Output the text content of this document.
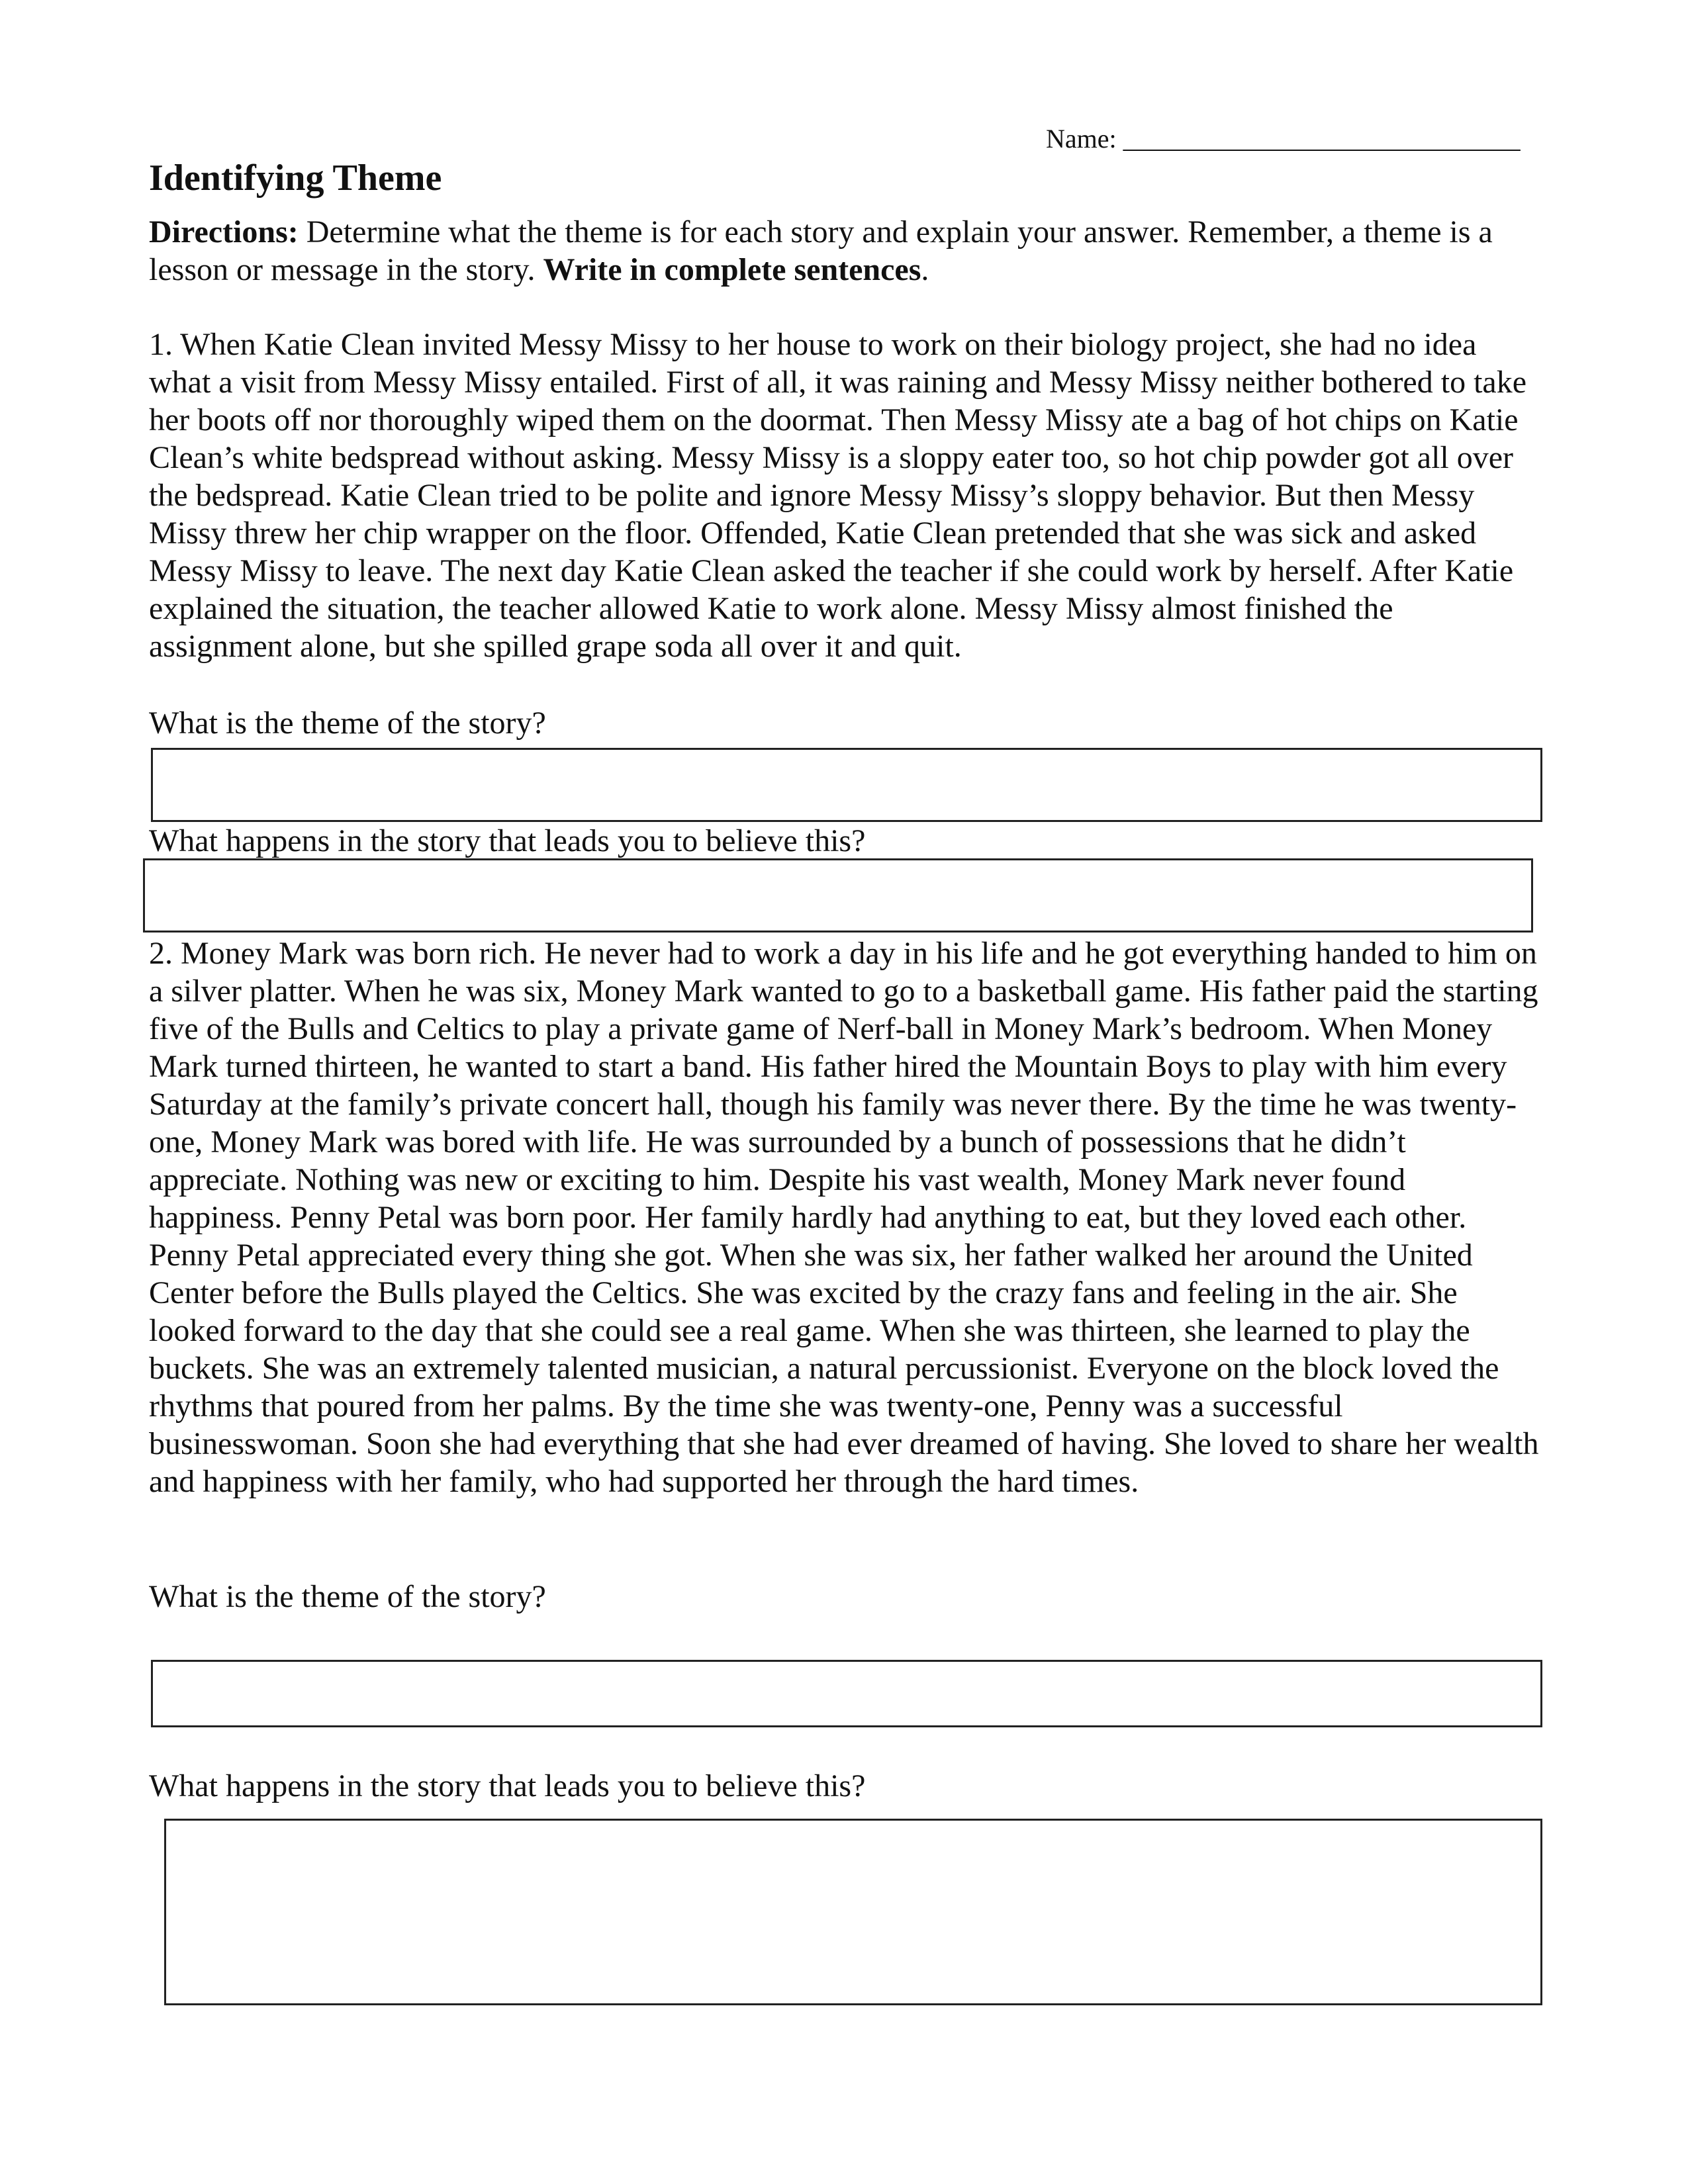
Name: ______________________________
Identifying Theme

Directions: Determine what the theme is for each story and explain your answer. Remember, a theme is a lesson or message in the story. Write in complete sentences.

1. When Katie Clean invited Messy Missy to her house to work on their biology project, she had no idea what a visit from Messy Missy entailed. First of all, it was raining and Messy Missy neither bothered to take her boots off nor thoroughly wiped them on the doormat. Then Messy Missy ate a bag of hot chips on Katie Clean’s white bedspread without asking. Messy Missy is a sloppy eater too, so hot chip powder got all over the bedspread. Katie Clean tried to be polite and ignore Messy Missy’s sloppy behavior. But then Messy Missy threw her chip wrapper on the floor. Offended, Katie Clean pretended that she was sick and asked Messy Missy to leave. The next day Katie Clean asked the teacher if she could work by herself. After Katie explained the situation, the teacher allowed Katie to work alone. Messy Missy almost finished the assignment alone, but she spilled grape soda all over it and quit.

What is the theme of the story?

What happens in the story that leads you to believe this?

2. Money Mark was born rich. He never had to work a day in his life and he got everything handed to him on a silver platter. When he was six, Money Mark wanted to go to a basketball game. His father paid the starting five of the Bulls and Celtics to play a private game of Nerf-ball in Money Mark’s bedroom. When Money Mark turned thirteen, he wanted to start a band. His father hired the Mountain Boys to play with him every Saturday at the family’s private concert hall, though his family was never there. By the time he was twenty-one, Money Mark was bored with life. He was surrounded by a bunch of possessions that he didn’t appreciate. Nothing was new or exciting to him. Despite his vast wealth, Money Mark never found happiness. Penny Petal was born poor. Her family hardly had anything to eat, but they loved each other. Penny Petal appreciated every thing she got. When she was six, her father walked her around the United Center before the Bulls played the Celtics. She was excited by the crazy fans and feeling in the air. She looked forward to the day that she could see a real game. When she was thirteen, she learned to play the buckets. She was an extremely talented musician, a natural percussionist. Everyone on the block loved the rhythms that poured from her palms. By the time she was twenty-one, Penny was a successful businesswoman. Soon she had everything that she had ever dreamed of having. She loved to share her wealth and happiness with her family, who had supported her through the hard times.

What is the theme of the story?

What happens in the story that leads you to believe this?
